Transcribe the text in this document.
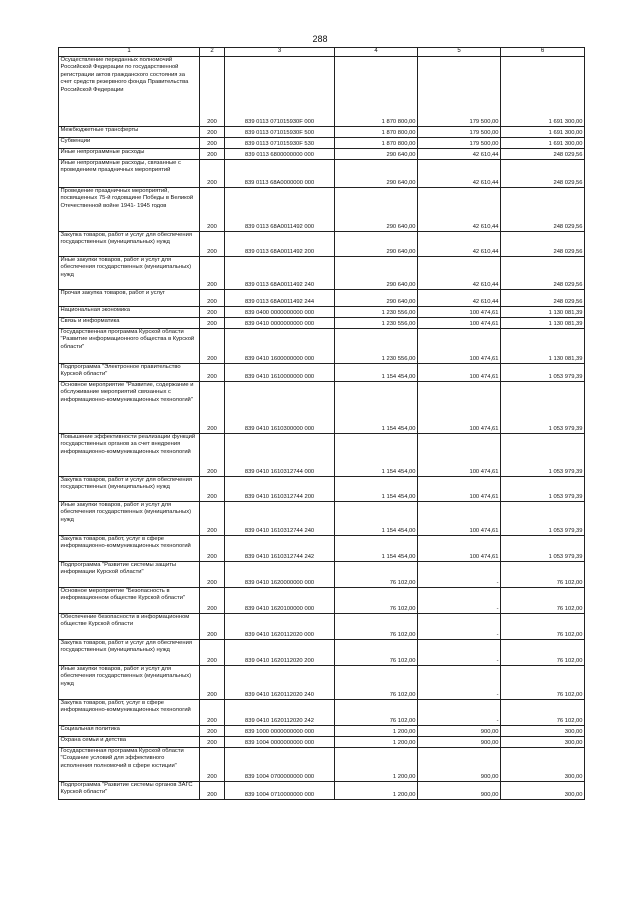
288
1	2	3	4	5	6
Осуществление переданных полномочий Российской Федерации по государственной регистрации актов гражданского состояния за счет средств резервного фонда Правительства Российской Федерации	200	839 0113 071015930F 000	1 870 800,00	179 500,00	1 691 300,00
Межбюджетные трансферты	200	839 0113 071015930F 500	1 870 800,00	179 500,00	1 691 300,00
Субвенции	200	839 0113 071015930F 530	1 870 800,00	179 500,00	1 691 300,00
Иные непрограммные расходы	200	839 0113 6800000000 000	290 640,00	42 610,44	248 029,56
Иные непрограммные расходы, связанные с проведением праздничных мероприятий	200	839 0113 68А0000000 000	290 640,00	42 610,44	248 029,56
Проведение праздничных мероприятий, посвященных 75-й годовщине Победы в Великой Отечественной войне 1941- 1945 годов	200	839 0113 68А0011492 000	290 640,00	42 610,44	248 029,56
Закупка товаров, работ и услуг для обеспечения государственных (муниципальных) нужд	200	839 0113 68А0011492 200	290 640,00	42 610,44	248 029,56
Иные закупки товаров, работ и услуг для обеспечения государственных (муниципальных) нужд	200	839 0113 68А0011492 240	290 640,00	42 610,44	248 029,56
Прочая закупка товаров, работ и услуг	200	839 0113 68А0011492 244	290 640,00	42 610,44	248 029,56
Национальная экономика	200	839 0400 0000000000 000	1 230 556,00	100 474,61	1 130 081,39
Связь и информатика	200	839 0410 0000000000 000	1 230 556,00	100 474,61	1 130 081,39
Государственная программа Курской области "Развитие информационного общества в Курской области"	200	839 0410 1600000000 000	1 230 556,00	100 474,61	1 130 081,39
Подпрограмма "Электронное правительство Курской области"	200	839 0410 1610000000 000	1 154 454,00	100 474,61	1 053 979,39
Основное мероприятие "Развитие, содержание и обслуживание мероприятий связанных с информационно-коммуникационных технологий"	200	839 0410 1610300000 000	1 154 454,00	100 474,61	1 053 979,39
Повышение эффективности реализации функций государственных органов за счет внедрения информационно-коммуникационных технологий	200	839 0410 1610312744 000	1 154 454,00	100 474,61	1 053 979,39
Закупка товаров, работ и услуг для обеспечения государственных (муниципальных) нужд	200	839 0410 1610312744 200	1 154 454,00	100 474,61	1 053 979,39
Иные закупки товаров, работ и услуг для обеспечения государственных (муниципальных) нужд	200	839 0410 1610312744 240	1 154 454,00	100 474,61	1 053 979,39
Закупка товаров, работ, услуг в сфере информационно-коммуникационных технологий	200	839 0410 1610312744 242	1 154 454,00	100 474,61	1 053 979,39
Подпрограмма "Развитие системы защиты информации Курской области"	200	839 0410 1620000000 000	76 102,00	-	76 102,00
Основное мероприятие "Безопасность в информационном обществе Курской области"	200	839 0410 1620100000 000	76 102,00	-	76 102,00
Обеспечение безопасности в информационном обществе Курской области	200	839 0410 1620112020 000	76 102,00	-	76 102,00
Закупка товаров, работ и услуг для обеспечения государственных (муниципальных) нужд	200	839 0410 1620112020 200	76 102,00	-	76 102,00
Иные закупки товаров, работ и услуг для обеспечения государственных (муниципальных) нужд	200	839 0410 1620112020 240	76 102,00	-	76 102,00
Закупка товаров, работ, услуг в сфере информационно-коммуникационных технологий	200	839 0410 1620112020 242	76 102,00	-	76 102,00
Социальная политика	200	839 1000 0000000000 000	1 200,00	900,00	300,00
Охрана семьи и детства	200	839 1004 0000000000 000	1 200,00	900,00	300,00
Государственная программа Курской области "Создание условий для эффективного исполнения полномочий в сфере юстиции"	200	839 1004 0700000000 000	1 200,00	900,00	300,00
Подпрограмма "Развитие системы органов ЗАГС Курской области"	200	839 1004 0710000000 000	1 200,00	900,00	300,00
